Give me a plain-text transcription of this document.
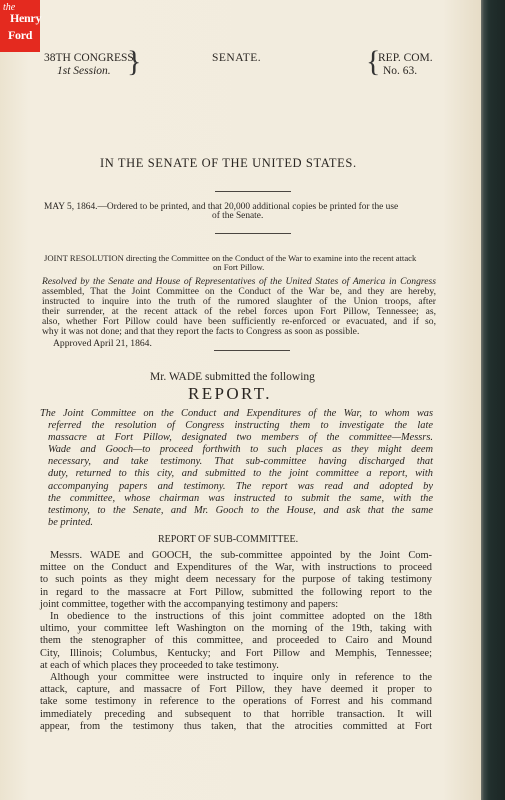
the
Henry
Ford
38TH CONGRESS,
1st Session. }	SENATE.	{
REP. COM.
No. 63.
IN THE SENATE OF THE UNITED STATES.
MAY 5, 1864.—Ordered to be printed, and that 20,000 additional copies be printed for the use
of the Senate.
JOINT RESOLUTION directing the Committee on the Conduct of the War to examine into the recent attack
on Fort Pillow.

Resolved by the Senate and House of Representatives of the United States of America in Congress

assembled, That the Joint Committee on the Conduct of the War be, and they are hereby,

instructed to inquire into the truth of the rumored slaughter of the Union troops, after

their surrender, at the recent attack of the rebel forces upon Fort Pillow, Tennessee; as,

also, whether Fort Pillow could have been sufficiently re-enforced or evacuated, and if so,

why it was not done; and that they report the facts to Congress as soon as possible.

Approved April 21, 1864.
Mr. WADE submitted the following
REPORT.

The Joint Committee on the Conduct and Expenditures of the War, to whom was

referred the resolution of Congress instructing them to investigate the late

massacre at Fort Pillow, designated two members of the committee—Messrs.

Wade and Gooch—to proceed forthwith to such places as they might deem

necessary, and take testimony. That sub-committee having discharged that

duty, returned to this city, and submitted to the joint committee a report, with

accompanying papers and testimony. The report was read and adopted by

the committee, whose chairman was instructed to submit the same, with the

testimony, to the Senate, and Mr. Gooch to the House, and ask that the same

be printed.

REPORT OF SUB-COMMITTEE.

Messrs. WADE and GOOCH, the sub-committee appointed by the Joint Com-

mittee on the Conduct and Expenditures of the War, with instructions to proceed

to such points as they might deem necessary for the purpose of taking testimony

in regard to the massacre at Fort Pillow, submitted the following report to the

joint committee, together with the accompanying testimony and papers:

In obedience to the instructions of this joint committee adopted on the 18th

ultimo, your committee left Washington on the morning of the 19th, taking with

them the stenographer of this committee, and proceeded to Cairo and Mound

City, Illinois; Columbus, Kentucky; and Fort Pillow and Memphis, Tennessee;

at each of which places they proceeded to take testimony.

Although your committee were instructed to inquire only in reference to the

attack, capture, and massacre of Fort Pillow, they have deemed it proper to

take some testimony in reference to the operations of Forrest and his command

immediately preceding and subsequent to that horrible transaction. It will

appear, from the testimony thus taken, that the atrocities committed at Fort
